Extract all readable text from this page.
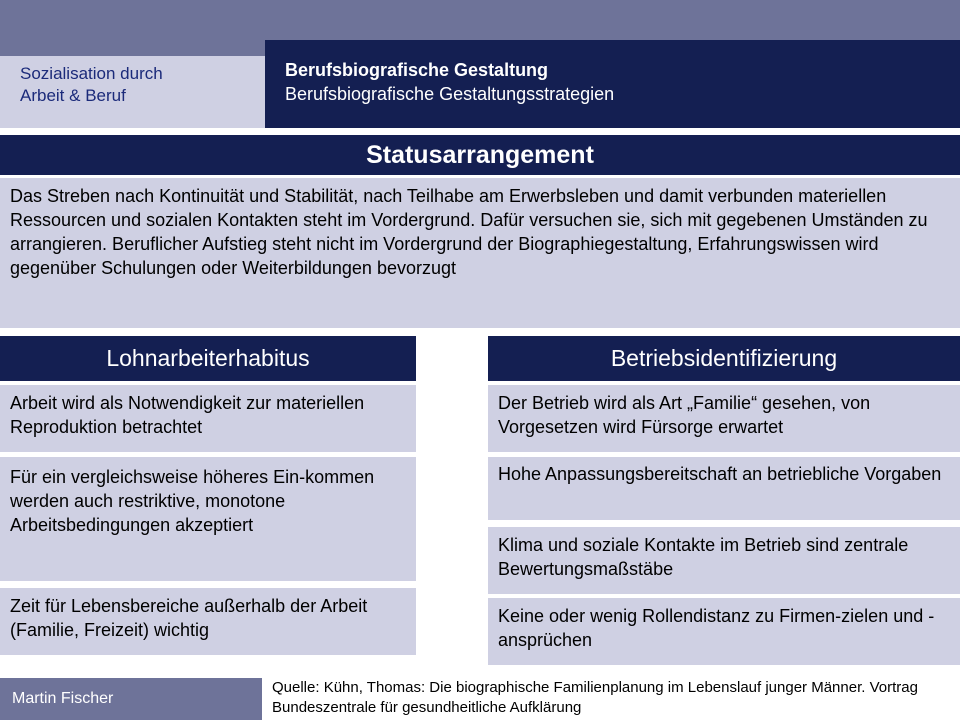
Sozialisation durch
Arbeit & Beruf
Berufsbiografische Gestaltung
Berufsbiografische Gestaltungsstrategien
Statusarrangement
Das Streben nach Kontinuität und Stabilität, nach Teilhabe am Erwerbsleben und damit verbunden materiellen Ressourcen und sozialen Kontakten steht im Vordergrund. Dafür versuchen sie, sich mit gegebenen Umständen zu arrangieren. Beruflicher Aufstieg steht nicht im Vordergrund der Biographiegestaltung, Erfahrungswissen wird gegenüber Schulungen oder Weiterbildungen bevorzugt
Lohnarbeiterhabitus	Betriebsidentifizierung
Arbeit wird als Notwendigkeit zur materiellen Reproduktion betrachtet
Für ein vergleichsweise höheres Ein-kommen werden auch restriktive, monotone Arbeitsbedingungen akzeptiert
Zeit für Lebensbereiche außerhalb der Arbeit (Familie, Freizeit) wichtig
Der Betrieb wird als Art „Familie“ gesehen, von Vorgesetzen wird Fürsorge erwartet
Hohe Anpassungsbereitschaft an betriebliche Vorgaben
Klima und soziale Kontakte im Betrieb sind zentrale Bewertungsmaßstäbe
Keine oder wenig Rollendistanz zu Firmen-zielen und -ansprüchen
Martin Fischer
Quelle: Kühn, Thomas: Die biographische Familienplanung im Lebenslauf junger Männer. Vortrag Bundeszentrale für gesundheitliche Aufklärung
